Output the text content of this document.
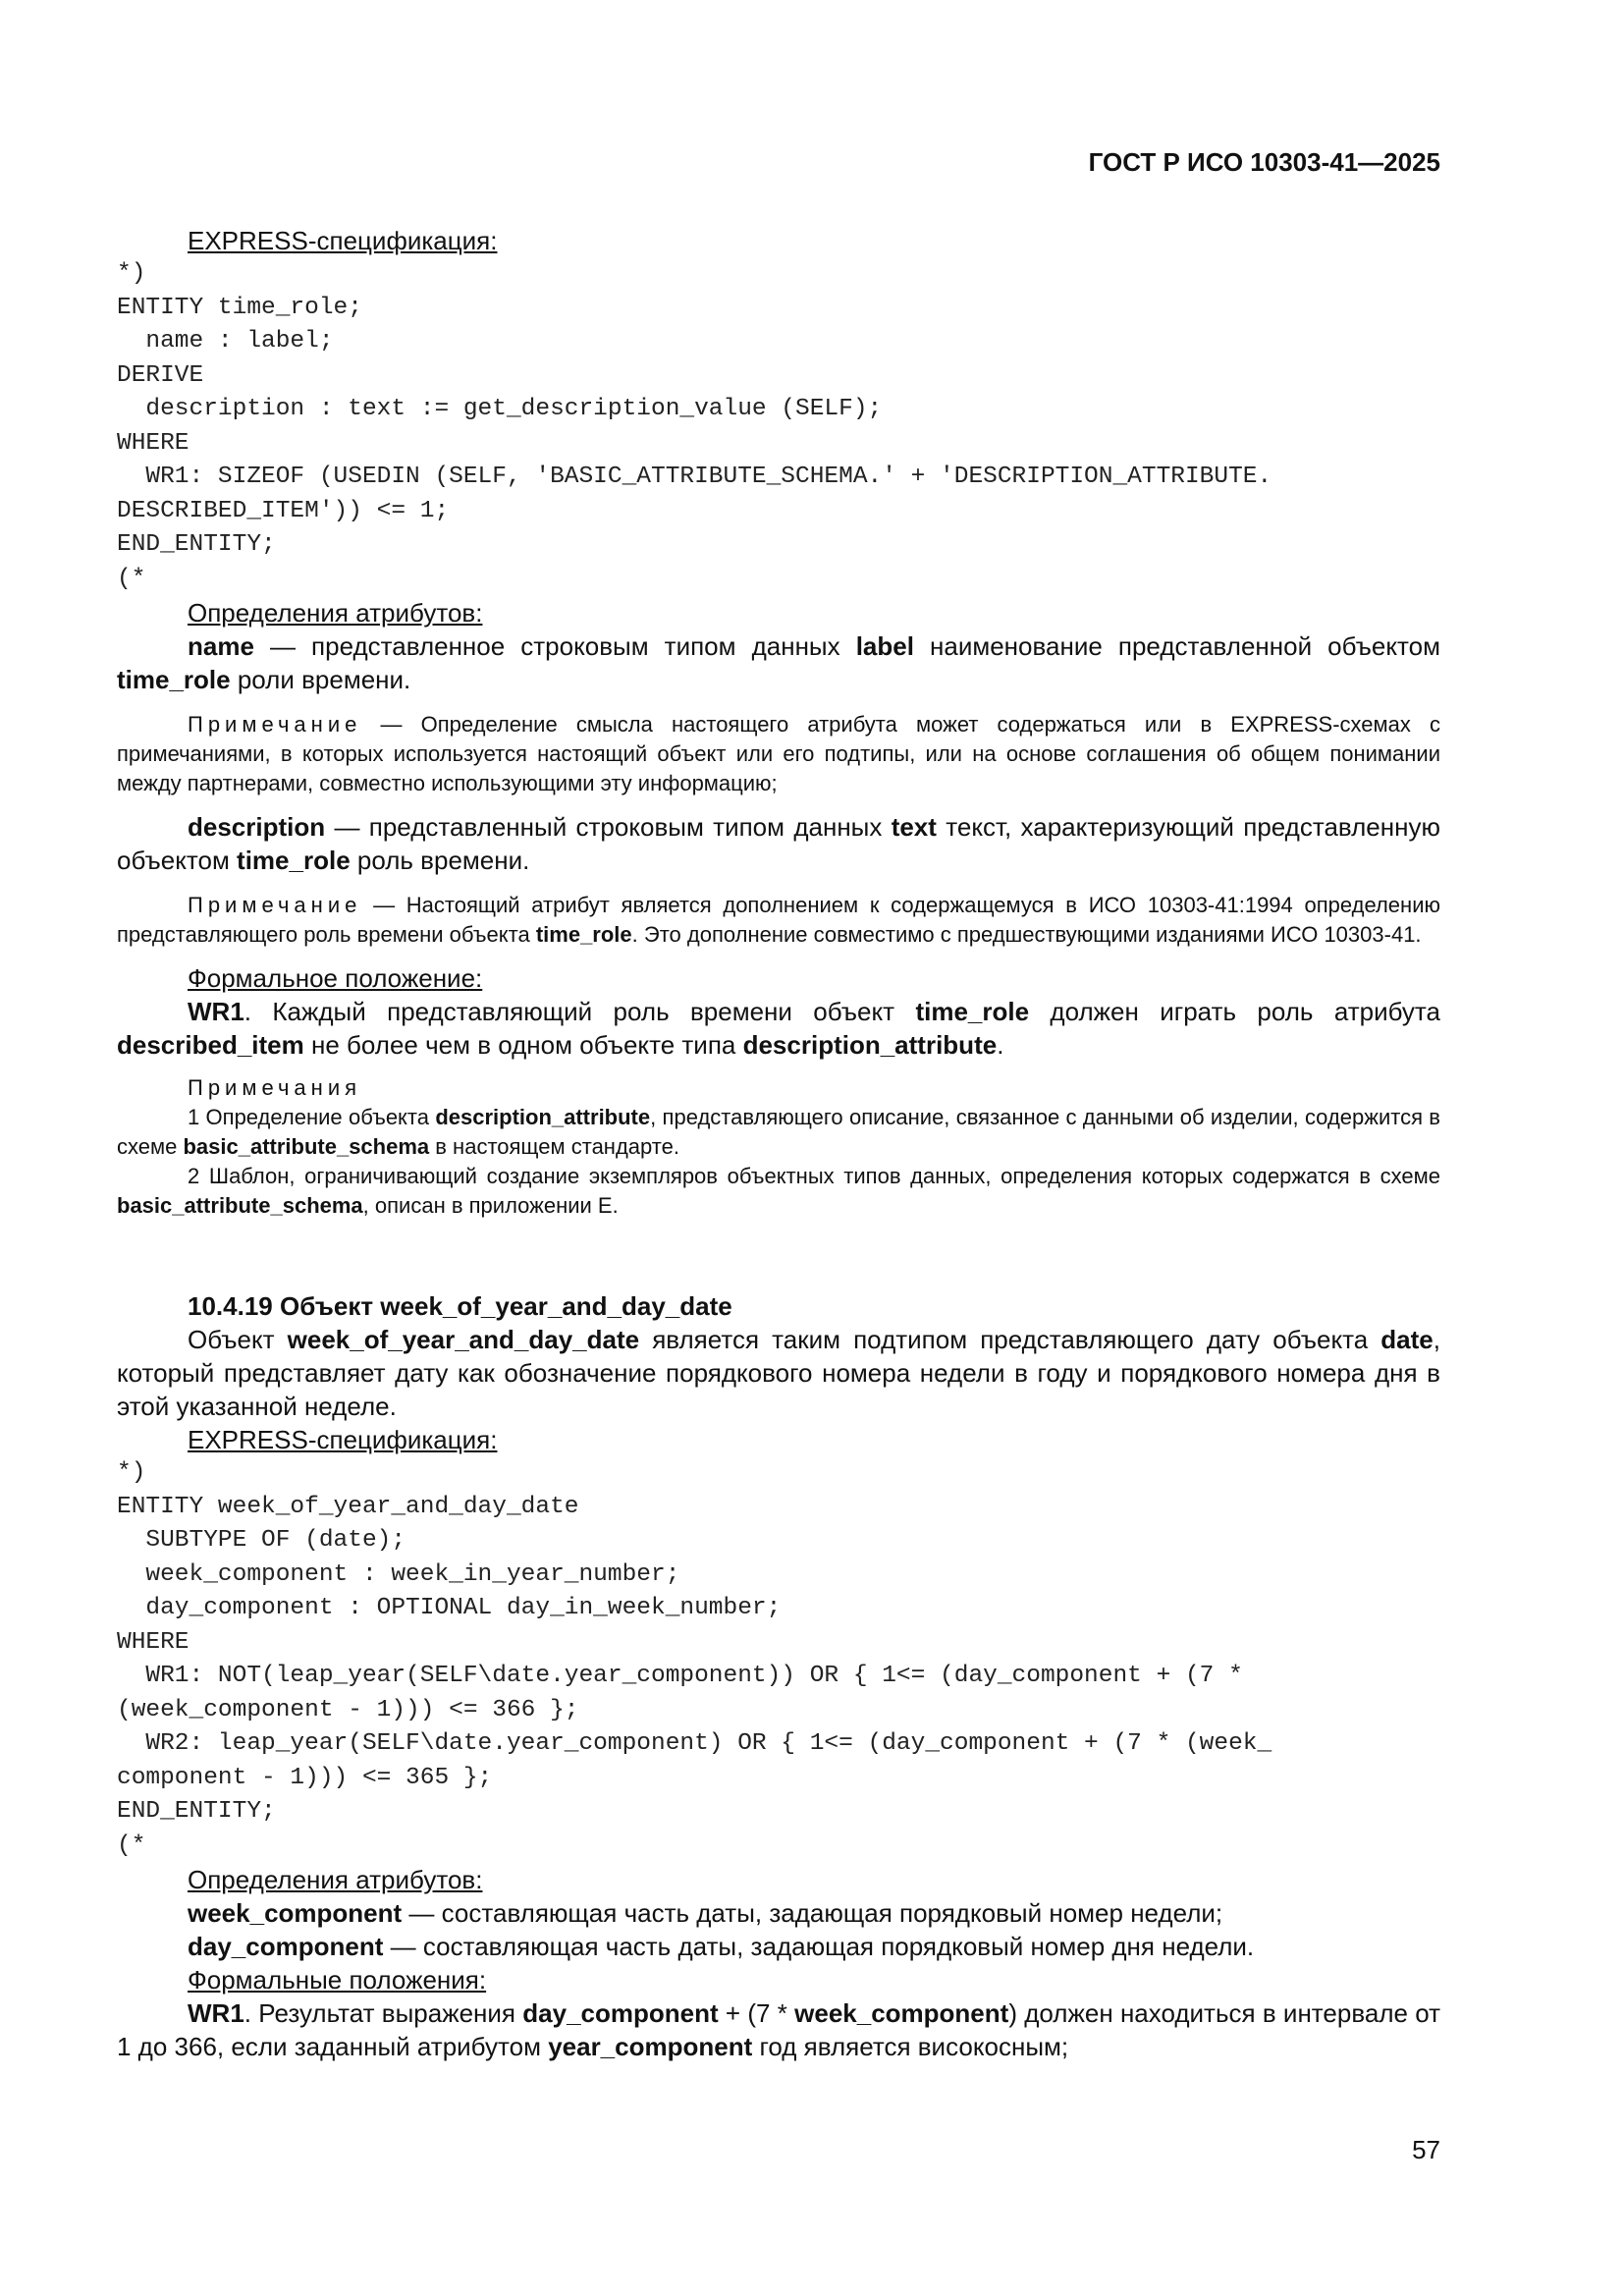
ГОСТ Р ИСО 10303-41—2025

EXPRESS-спецификация:

*)
ENTITY time_role;
name : label;
DERIVE
description : text := get_description_value (SELF);
WHERE
WR1: SIZEOF (USEDIN (SELF, 'BASIC_ATTRIBUTE_SCHEMA.' + 'DESCRIPTION_ATTRIBUTE.
DESCRIBED_ITEM')) <= 1;
END_ENTITY;
(*

Определения атрибутов:

name — представленное строковым типом данных label наименование представленной объектом time_role роли времени.

Примечание — Определение смысла настоящего атрибута может содержаться или в EXPRESS-схемах с примечаниями, в которых используется настоящий объект или его подтипы, или на основе соглашения об общем понимании между партнерами, совместно использующими эту информацию;

description — представленный строковым типом данных text текст, характеризующий представленную объектом time_role роль времени.

Примечание — Настоящий атрибут является дополнением к содержащемуся в ИСО 10303-41:1994 определению представляющего роль времени объекта time_role. Это дополнение совместимо с предшествующими изданиями ИСО 10303-41.

Формальное положение:

WR1. Каждый представляющий роль времени объект time_role должен играть роль атрибута described_item не более чем в одном объекте типа description_attribute.

Примечания

1 Определение объекта description_attribute, представляющего описание, связанное с данными об изделии, содержится в схеме basic_attribute_schema в настоящем стандарте.

2 Шаблон, ограничивающий создание экземпляров объектных типов данных, определения которых содержатся в схеме basic_attribute_schema, описан в приложении Е.

10.4.19 Объект week_of_year_and_day_date

Объект week_of_year_and_day_date является таким подтипом представляющего дату объекта date, который представляет дату как обозначение порядкового номера недели в году и порядкового номера дня в этой указанной неделе.

EXPRESS-спецификация:

*)
ENTITY week_of_year_and_day_date
SUBTYPE OF (date);
week_component : week_in_year_number;
day_component : OPTIONAL day_in_week_number;
WHERE
WR1: NOT(leap_year(SELF\date.year_component)) OR { 1<= (day_component + (7 *
(week_component - 1))) <= 366 };
WR2: leap_year(SELF\date.year_component) OR { 1<= (day_component + (7 * (week_
component - 1))) <= 365 };
END_ENTITY;
(*

Определения атрибутов:

week_component — составляющая часть даты, задающая порядковый номер недели;

day_component — составляющая часть даты, задающая порядковый номер дня недели.

Формальные положения:

WR1. Результат выражения day_component + (7 * week_component) должен находиться в интервале от 1 до 366, если заданный атрибутом year_component год является високосным;

57
